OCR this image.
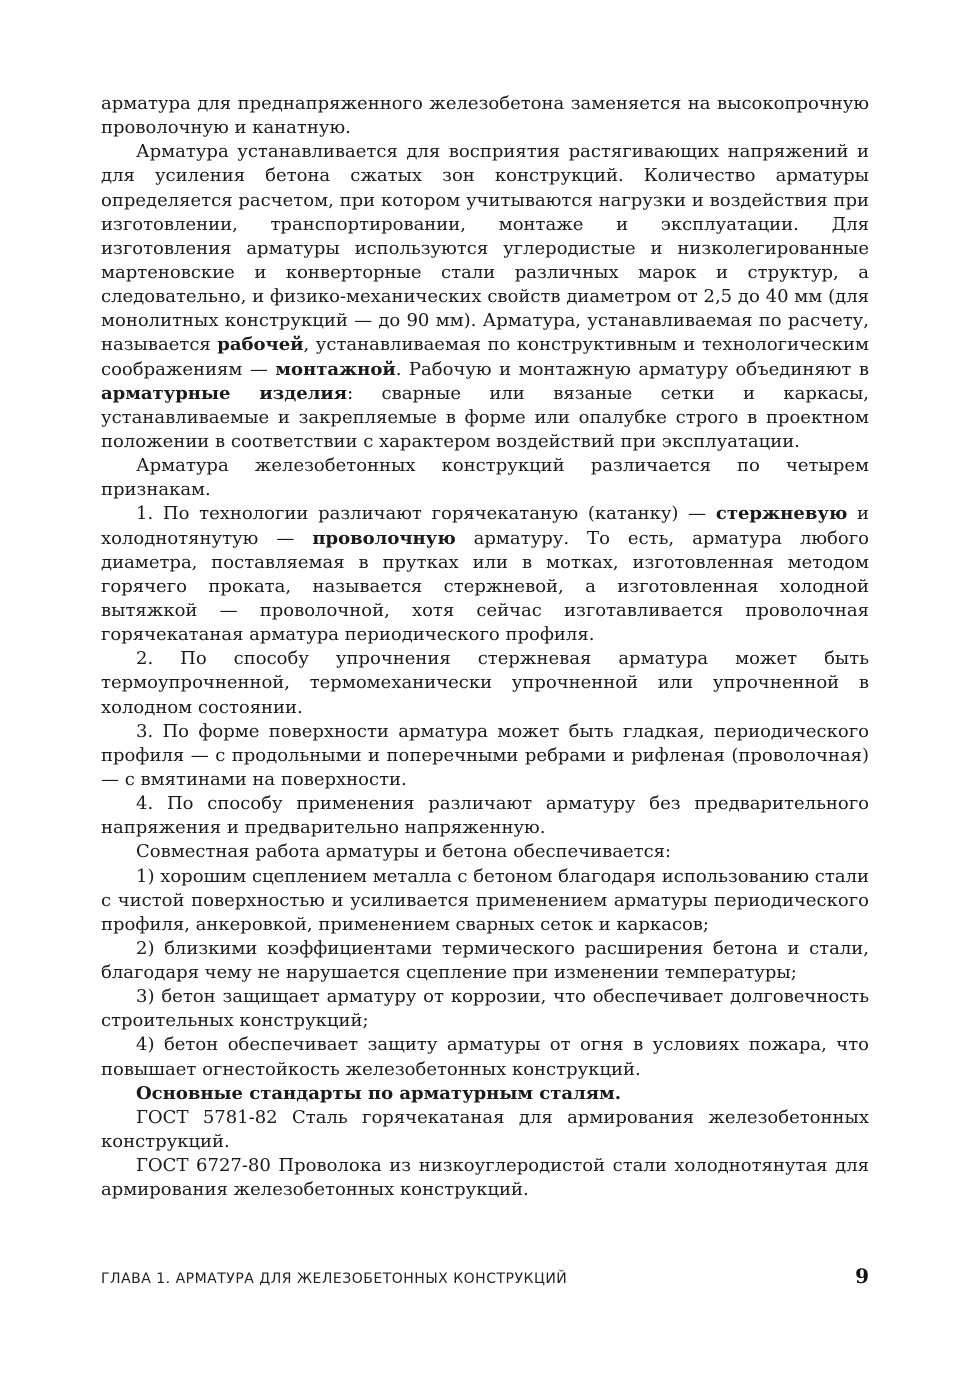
арматура для преднапряженного железобетона заменяется на высокопрочную проволочную и канатную.

Арматура устанавливается для восприятия растягивающих напряжений и для усиления бетона сжатых зон конструкций. Количество арматуры определяется расчетом, при котором учитываются нагрузки и воздействия при изготовлении, транспортировании, монтаже и эксплуатации. Для изготовления арматуры используются углеродистые и низколегированные мартеновские и конверторные стали различных марок и структур, а следовательно, и физико-механических свойств диаметром от 2,5 до 40 мм (для монолитных конструкций — до 90 мм). Арматура, устанавливаемая по расчету, называется рабочей, устанавливаемая по конструктивным и технологическим соображениям — монтажной. Рабочую и монтажную арматуру объединяют в арматурные изделия: сварные или вязаные сетки и каркасы, устанавливаемые и закрепляемые в форме или опалубке строго в проектном положении в соответствии с характером воздействий при эксплуатации.

Арматура железобетонных конструкций различается по четырем признакам.

1. По технологии различают горячекатаную (катанку) — стержневую и холоднотянутую — проволочную арматуру. То есть, арматура любого диаметра, поставляемая в прутках или в мотках, изготовленная методом горячего проката, называется стержневой, а изготовленная холодной вытяжкой — проволочной, хотя сейчас изготавливается проволочная горячекатаная арматура периодического профиля.

2. По способу упрочнения стержневая арматура может быть термоупрочненной, термомеханически упрочненной или упрочненной в холодном состоянии.

3. По форме поверхности арматура может быть гладкая, периодического профиля — с продольными и поперечными ребрами и рифленая (проволочная) — с вмятинами на поверхности.

4. По способу применения различают арматуру без предварительного напряжения и предварительно напряженную.

Совместная работа арматуры и бетона обеспечивается:

1) хорошим сцеплением металла с бетоном благодаря использованию стали с чистой поверхностью и усиливается применением арматуры периодического профиля, анкеровкой, применением сварных сеток и каркасов;

2) близкими коэффициентами термического расширения бетона и стали, благодаря чему не нарушается сцепление при изменении температуры;

3) бетон защищает арматуру от коррозии, что обеспечивает долговечность строительных конструкций;

4) бетон обеспечивает защиту арматуры от огня в условиях пожара, что повышает огнестойкость железобетонных конструкций.

Основные стандарты по арматурным сталям.

ГОСТ 5781-82 Сталь горячекатаная для армирования железобетонных конструкций.

ГОСТ 6727-80 Проволока из низкоуглеродистой стали холоднотянутая для армирования железобетонных конструкций.

ГЛАВА 1. АРМАТУРА ДЛЯ ЖЕЛЕЗОБЕТОННЫХ КОНСТРУКЦИЙ	9
